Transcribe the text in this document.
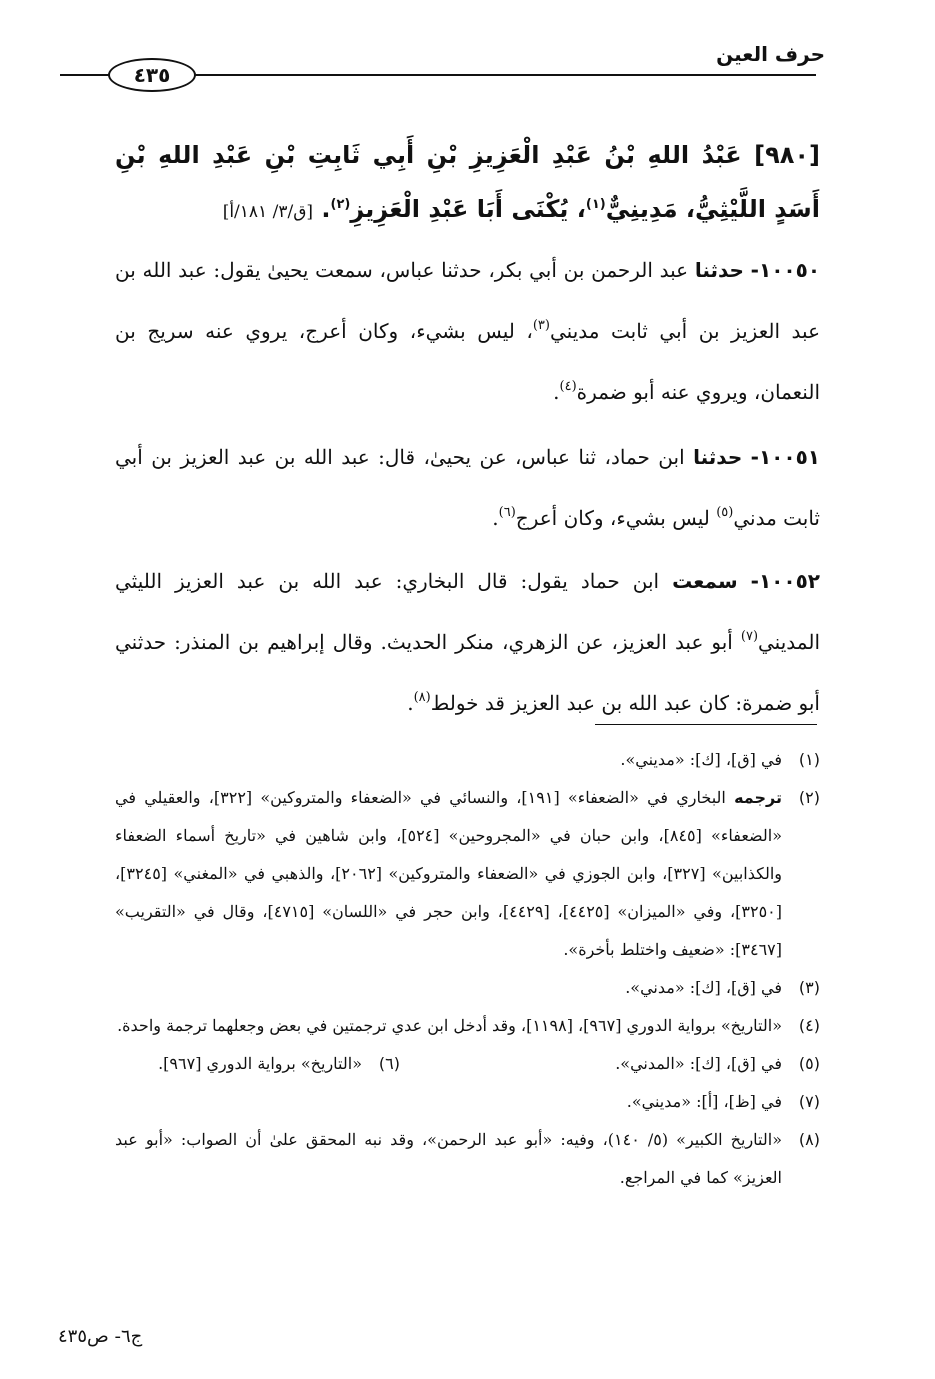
حرف العين
٤٣٥
[٩٨٠] عَبْدُ اللهِ بْنُ عَبْدِ الْعَزِيزِ بْنِ أَبِي ثَابِتِ بْنِ عَبْدِ اللهِ بْنِ أَسَدٍ اللَّيْثِيُّ، مَدِينِيٌّ$^{(١)}$، يُكْنَى أَبَا عَبْدِ الْعَزِيزِ$^{(٢)}$. [ق/٣/ ١٨١/أ]
١٠٠٥٠- حدثنا عبد الرحمن بن أبي بكر، حدثنا عباس، سمعت يحيىٰ يقول: عبد الله بن عبد العزيز بن أبي ثابت مديني$^{(٣)}$، ليس بشيء، وكان أعرج، يروي عنه سريج بن النعمان، ويروي عنه أبو ضمرة$^{(٤)}$.
١٠٠٥١- حدثنا ابن حماد، ثنا عباس، عن يحيىٰ، قال: عبد الله بن عبد العزيز بن أبي ثابت مدني$^{(٥)}$ ليس بشيء، وكان أعرج$^{(٦)}$.
١٠٠٥٢- سمعت ابن حماد يقول: قال البخاري: عبد الله بن عبد العزيز الليثي المديني$^{(٧)}$ أبو عبد العزيز، عن الزهري، منكر الحديث. وقال إبراهيم بن المنذر: حدثني أبو ضمرة: كان عبد الله بن عبد العزيز قد خولط$^{(٨)}$.
(١)
في [ق]، [ك]: «مديني».
(٢)
ترجمه البخاري في «الضعفاء» [١٩١]، والنسائي في «الضعفاء والمتروكين» [٣٢٢]، والعقيلي في «الضعفاء» [٨٤٥]، وابن حبان في «المجروحين» [٥٢٤]، وابن شاهين في «تاريخ أسماء الضعفاء والكذابين» [٣٢٧]، وابن الجوزي في «الضعفاء والمتروكين» [٢٠٦٢]، والذهبي في «المغني» [٣٢٤٥]، [٣٢٥٠]، وفي «الميزان» [٤٤٢٥]، [٤٤٢٩]، وابن حجر في «اللسان» [٤٧١٥]، وقال في «التقريب» [٣٤٦٧]: «ضعيف واختلط بأخرة».
(٣)
في [ق]، [ك]: «مدني».
(٤)
«التاريخ» برواية الدوري [٩٦٧]، [١١٩٨]، وقد أدخل ابن عدي ترجمتين في بعض وجعلهما ترجمة واحدة.
(٥)
في [ق]، [ك]: «المدني».
(٦)
«التاريخ» برواية الدوري [٩٦٧].
(٧)
في [ظ]، [أ]: «مديني».
(٨)
«التاريخ الكبير» (٥/ ١٤٠)، وفيه: «أبو عبد الرحمن»، وقد نبه المحقق علىٰ أن الصواب: «أبو عبد العزيز» كما في المراجع.
ج٦- ص٤٣٥
